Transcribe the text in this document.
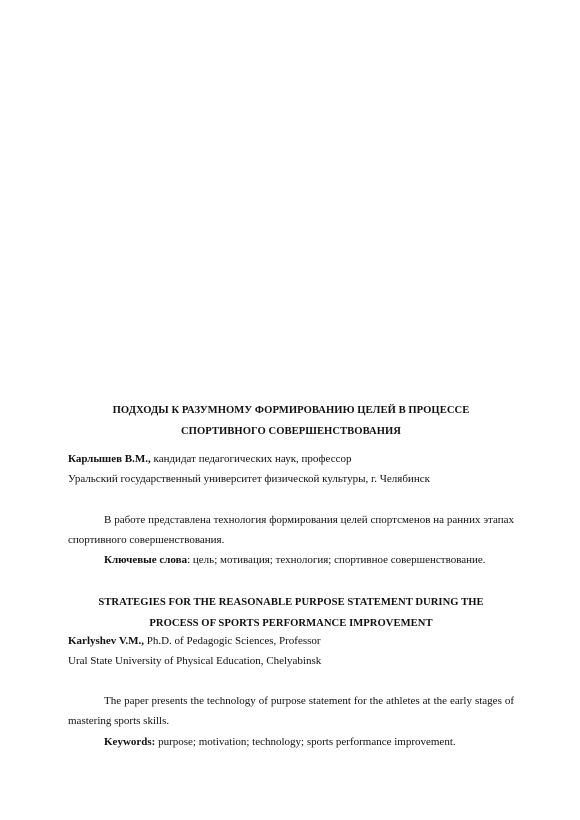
ПОДХОДЫ К РАЗУМНОМУ ФОРМИРОВАНИЮ ЦЕЛЕЙ В ПРОЦЕССЕ
СПОРТИВНОГО СОВЕРШЕНСТВОВАНИЯ
Карлышев В.М., кандидат педагогических наук, профессор
Уральский государственный университет физической культуры, г. Челябинск
В работе представлена технология формирования целей спортсменов на ранних этапах спортивного совершенствования.
Ключевые слова: цель; мотивация; технология; спортивное совершенствование.
STRATEGIES FOR THE REASONABLE PURPOSE STATEMENT DURING THE
PROCESS OF SPORTS PERFORMANCE IMPROVEMENT
Karlyshev V.M., Ph.D. of Pedagogic Sciences, Professor
Ural State University of Physical Education, Chelyabinsk
The paper presents the technology of purpose statement for the athletes at the early stages of mastering sports skills.
Keywords: purpose; motivation; technology; sports performance improvement.
